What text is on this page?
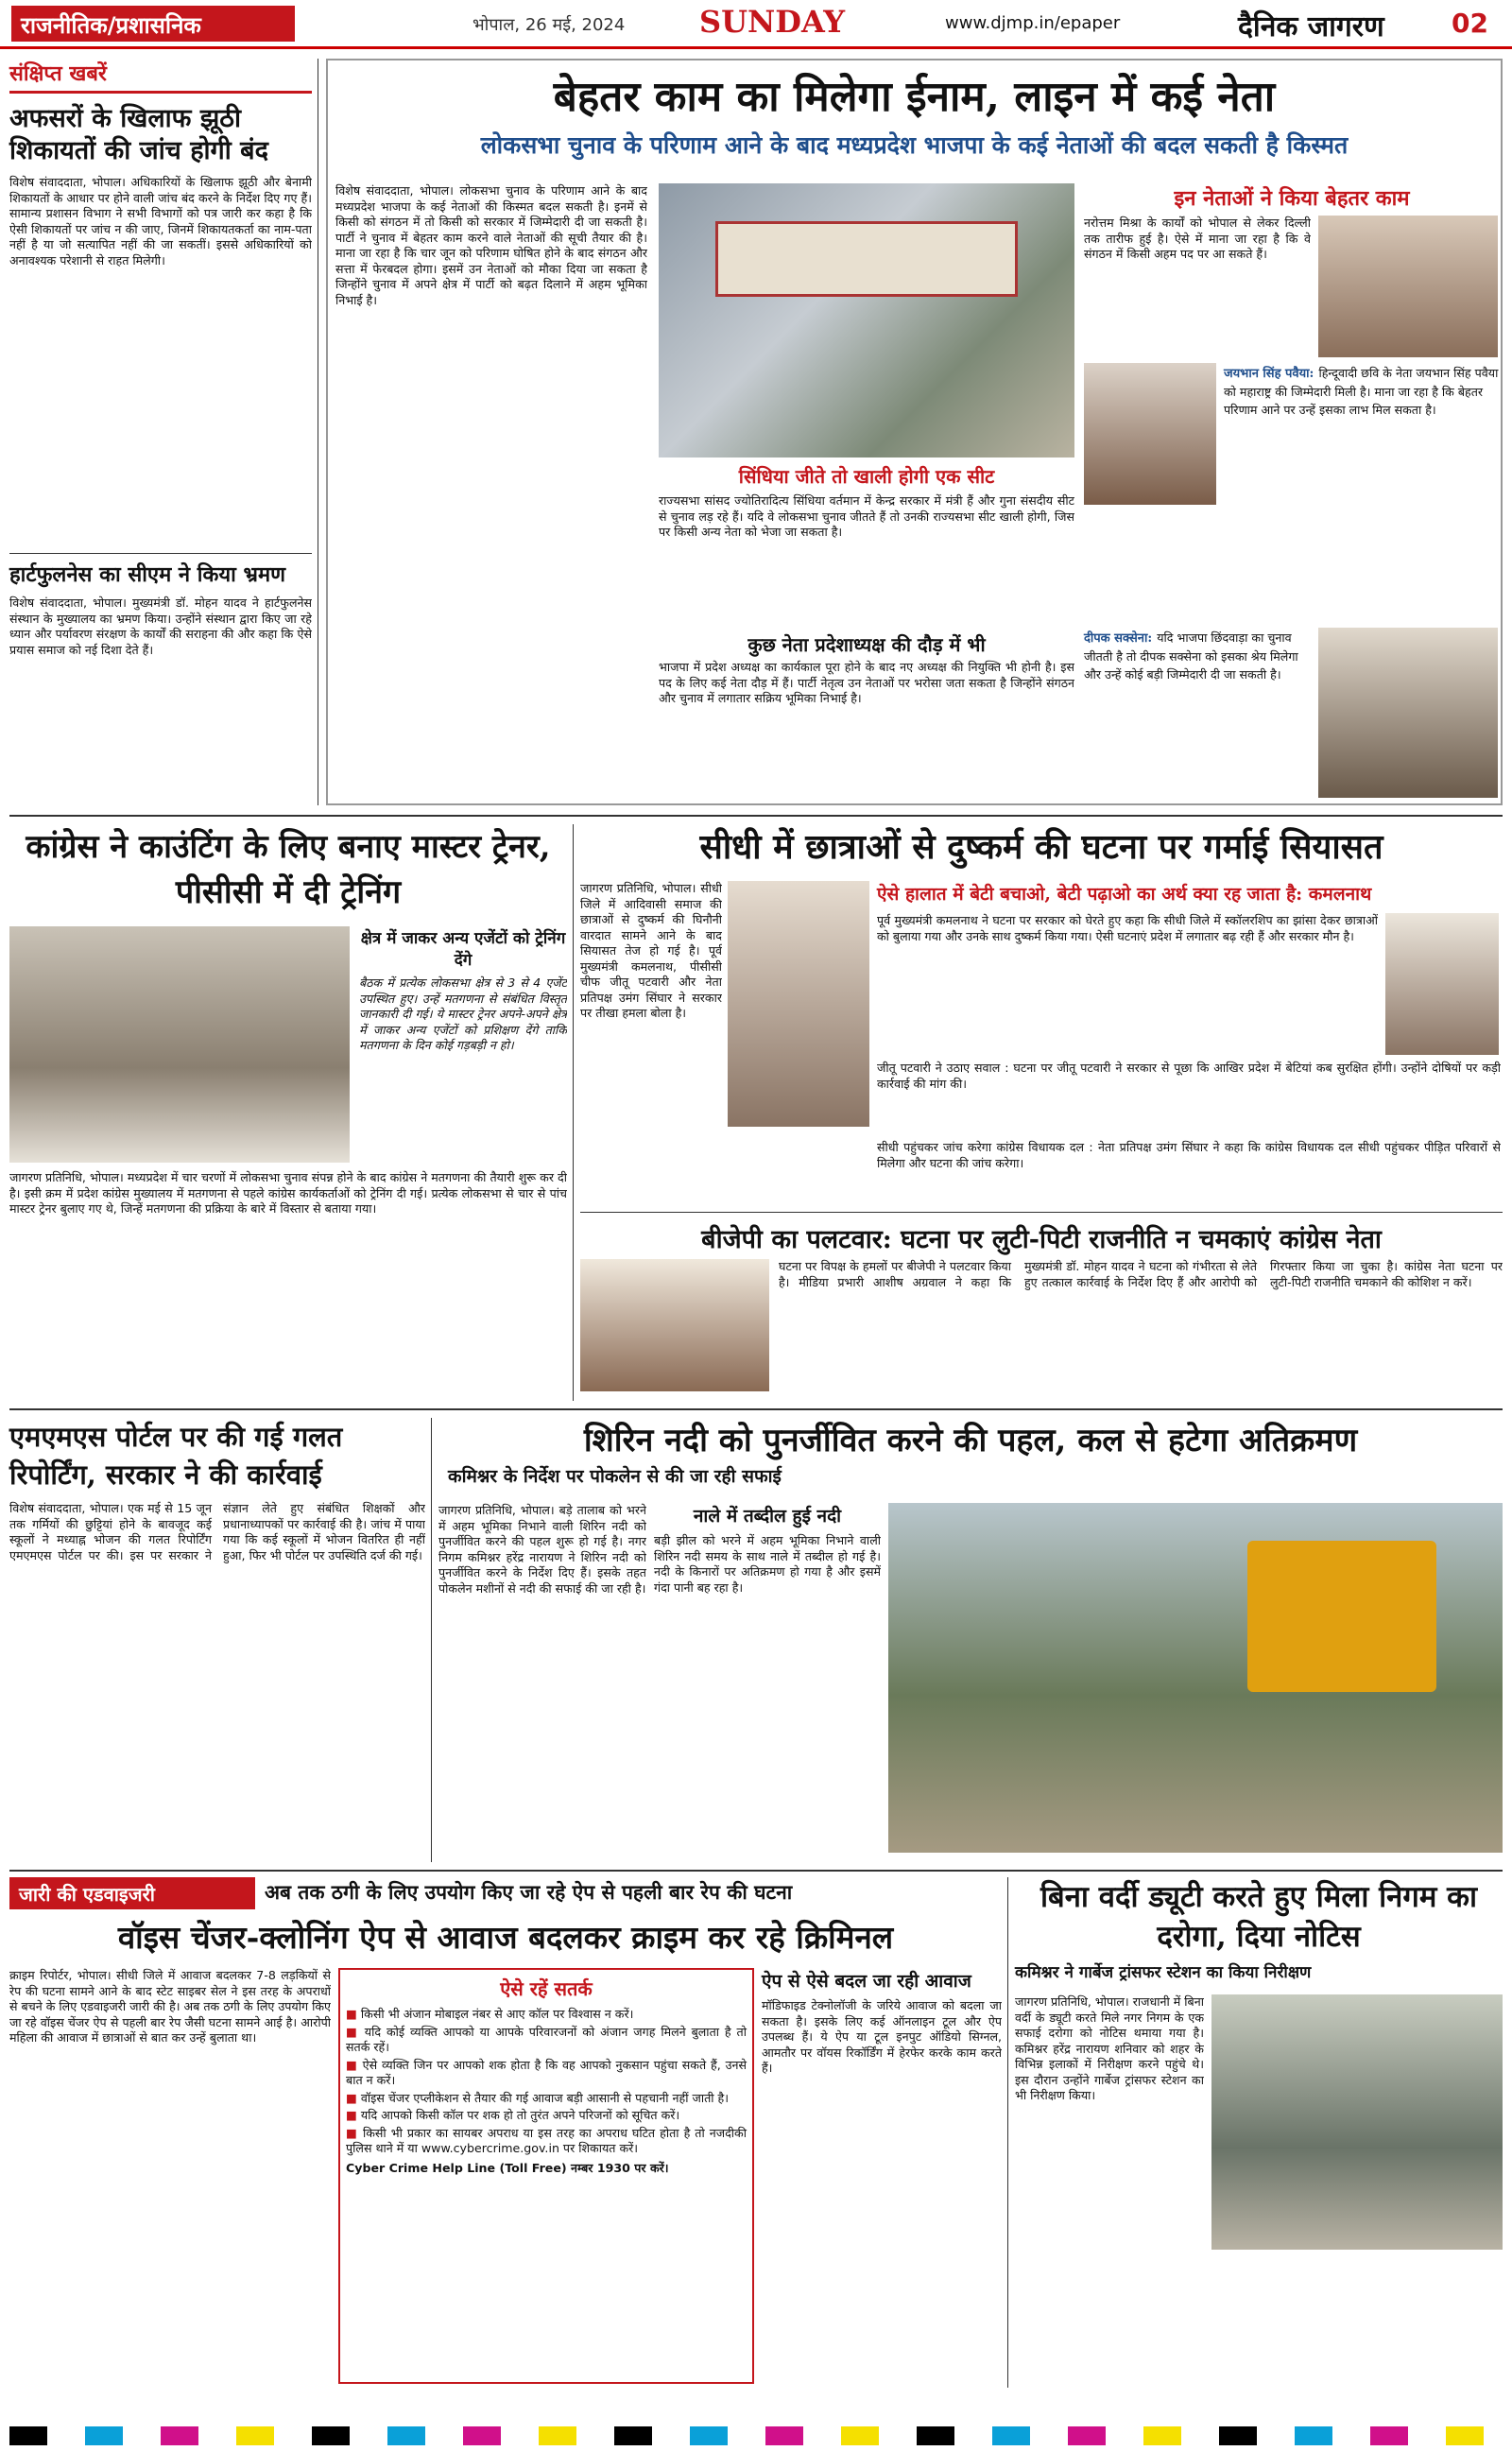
राजनीतिक/प्रशासनिक	भोपाल, 26 मई, 2024 SUNDAY	www.djmp.in/epaper	दैनिक जागरण	02
संक्षिप्त खबरें
अफसरों के खिलाफ झूठी शिकायतों की जांच होगी बंद
विशेष संवाददाता, भोपाल। अधिकारियों के खिलाफ झूठी और बेनामी शिकायतों के आधार पर होने वाली जांच बंद करने के निर्देश दिए गए हैं। सामान्य प्रशासन विभाग ने सभी विभागों को पत्र जारी कर कहा है कि ऐसी शिकायतों पर जांच न की जाए, जिनमें शिकायतकर्ता का नाम-पता नहीं है या जो सत्यापित नहीं की जा सकतीं। इससे अधिकारियों को अनावश्यक परेशानी से राहत मिलेगी।
हार्टफुलनेस का सीएम ने किया भ्रमण
विशेष संवाददाता, भोपाल। मुख्यमंत्री डॉ. मोहन यादव ने हार्टफुलनेस संस्थान के मुख्यालय का भ्रमण किया। उन्होंने संस्थान द्वारा किए जा रहे ध्यान और पर्यावरण संरक्षण के कार्यों की सराहना की और कहा कि ऐसे प्रयास समाज को नई दिशा देते हैं।
बेहतर काम का मिलेगा ईनाम, लाइन में कई नेता
लोकसभा चुनाव के परिणाम आने के बाद मध्यप्रदेश भाजपा के कई नेताओं की बदल सकती है किस्मत
विशेष संवाददाता, भोपाल। लोकसभा चुनाव के परिणाम आने के बाद मध्यप्रदेश भाजपा के कई नेताओं की किस्मत बदल सकती है। इनमें से किसी को संगठन में तो किसी को सरकार में जिम्मेदारी दी जा सकती है। पार्टी ने चुनाव में बेहतर काम करने वाले नेताओं की सूची तैयार की है। माना जा रहा है कि चार जून को परिणाम घोषित होने के बाद संगठन और सत्ता में फेरबदल होगा। इसमें उन नेताओं को मौका दिया जा सकता है जिन्होंने चुनाव में अपने क्षेत्र में पार्टी को बढ़त दिलाने में अहम भूमिका निभाई है।
सिंधिया जीते तो खाली होगी एक सीट
राज्यसभा सांसद ज्योतिरादित्य सिंधिया वर्तमान में केन्द्र सरकार में मंत्री हैं और गुना संसदीय सीट से चुनाव लड़ रहे हैं। यदि वे लोकसभा चुनाव जीतते हैं तो उनकी राज्यसभा सीट खाली होगी, जिस पर किसी अन्य नेता को भेजा जा सकता है।
कुछ नेता प्रदेशाध्यक्ष की दौड़ में भी
भाजपा में प्रदेश अध्यक्ष का कार्यकाल पूरा होने के बाद नए अध्यक्ष की नियुक्ति भी होनी है। इस पद के लिए कई नेता दौड़ में हैं। पार्टी नेतृत्व उन नेताओं पर भरोसा जता सकता है जिन्होंने संगठन और चुनाव में लगातार सक्रिय भूमिका निभाई है।
इन नेताओं ने किया बेहतर काम
नरोत्तम मिश्रा के कार्यों को भोपाल से लेकर दिल्ली तक तारीफ हुई है। ऐसे में माना जा रहा है कि वे संगठन में किसी अहम पद पर आ सकते हैं।
जयभान सिंह पवैया: हिन्दूवादी छवि के नेता जयभान सिंह पवैया को महाराष्ट्र की जिम्मेदारी मिली है। माना जा रहा है कि बेहतर परिणाम आने पर उन्हें इसका लाभ मिल सकता है।
दीपक सक्सेना: यदि भाजपा छिंदवाड़ा का चुनाव जीतती है तो दीपक सक्सेना को इसका श्रेय मिलेगा और उन्हें कोई बड़ी जिम्मेदारी दी जा सकती है।
कांग्रेस ने काउंटिंग के लिए बनाए मास्टर ट्रेनर, पीसीसी में दी ट्रेनिंग
क्षेत्र में जाकर अन्य एजेंटों को ट्रेनिंग देंगे
बैठक में प्रत्येक लोकसभा क्षेत्र से 3 से 4 एजेंट उपस्थित हुए। उन्हें मतगणना से संबंधित विस्तृत जानकारी दी गई। ये मास्टर ट्रेनर अपने-अपने क्षेत्र में जाकर अन्य एजेंटों को प्रशिक्षण देंगे ताकि मतगणना के दिन कोई गड़बड़ी न हो।
जागरण प्रतिनिधि, भोपाल। मध्यप्रदेश में चार चरणों में लोकसभा चुनाव संपन्न होने के बाद कांग्रेस ने मतगणना की तैयारी शुरू कर दी है। इसी क्रम में प्रदेश कांग्रेस मुख्यालय में मतगणना से पहले कांग्रेस कार्यकर्ताओं को ट्रेनिंग दी गई। प्रत्येक लोकसभा से चार से पांच मास्टर ट्रेनर बुलाए गए थे, जिन्हें मतगणना की प्रक्रिया के बारे में विस्तार से बताया गया।
सीधी में छात्राओं से दुष्कर्म की घटना पर गर्माई सियासत
जागरण प्रतिनिधि, भोपाल। सीधी जिले में आदिवासी समाज की छात्राओं से दुष्कर्म की घिनौनी वारदात सामने आने के बाद सियासत तेज हो गई है। पूर्व मुख्यमंत्री कमलनाथ, पीसीसी चीफ जीतू पटवारी और नेता प्रतिपक्ष उमंग सिंघार ने सरकार पर तीखा हमला बोला है।
ऐसे हालात में बेटी बचाओ, बेटी पढ़ाओ का अर्थ क्या रह जाता है: कमलनाथ
पूर्व मुख्यमंत्री कमलनाथ ने घटना पर सरकार को घेरते हुए कहा कि सीधी जिले में स्कॉलरशिप का झांसा देकर छात्राओं को बुलाया गया और उनके साथ दुष्कर्म किया गया। ऐसी घटनाएं प्रदेश में लगातार बढ़ रही हैं और सरकार मौन है।
जीतू पटवारी ने उठाए सवाल : घटना पर जीतू पटवारी ने सरकार से पूछा कि आखिर प्रदेश में बेटियां कब सुरक्षित होंगी। उन्होंने दोषियों पर कड़ी कार्रवाई की मांग की।
सीधी पहुंचकर जांच करेगा कांग्रेस विधायक दल : नेता प्रतिपक्ष उमंग सिंघार ने कहा कि कांग्रेस विधायक दल सीधी पहुंचकर पीड़ित परिवारों से मिलेगा और घटना की जांच करेगा।
बीजेपी का पलटवार: घटना पर लुटी-पिटी राजनीति न चमकाएं कांग्रेस नेता
घटना पर विपक्ष के हमलों पर बीजेपी ने पलटवार किया है। मीडिया प्रभारी आशीष अग्रवाल ने कहा कि मुख्यमंत्री डॉ. मोहन यादव ने घटना को गंभीरता से लेते हुए तत्काल कार्रवाई के निर्देश दिए हैं और आरोपी को गिरफ्तार किया जा चुका है। कांग्रेस नेता घटना पर लुटी-पिटी राजनीति चमकाने की कोशिश न करें।
एमएमएस पोर्टल पर की गई गलत रिपोर्टिंग, सरकार ने की कार्रवाई
विशेष संवाददाता, भोपाल। एक मई से 15 जून तक गर्मियों की छुट्टियां होने के बावजूद कई स्कूलों ने मध्याह्न भोजन की गलत रिपोर्टिंग एमएमएस पोर्टल पर की। इस पर सरकार ने संज्ञान लेते हुए संबंधित शिक्षकों और प्रधानाध्यापकों पर कार्रवाई की है। जांच में पाया गया कि कई स्कूलों में भोजन वितरित ही नहीं हुआ, फिर भी पोर्टल पर उपस्थिति दर्ज की गई।
शिरिन नदी को पुनर्जीवित करने की पहल, कल से हटेगा अतिक्रमण
कमिश्नर के निर्देश पर पोकलेन से की जा रही सफाई
जागरण प्रतिनिधि, भोपाल। बड़े तालाब को भरने में अहम भूमिका निभाने वाली शिरिन नदी को पुनर्जीवित करने की पहल शुरू हो गई है। नगर निगम कमिश्नर हरेंद्र नारायण ने शिरिन नदी को पुनर्जीवित करने के निर्देश दिए हैं। इसके तहत पोकलेन मशीनों से नदी की सफाई की जा रही है।
नाले में तब्दील हुई नदी
बड़ी झील को भरने में अहम भूमिका निभाने वाली शिरिन नदी समय के साथ नाले में तब्दील हो गई है। नदी के किनारों पर अतिक्रमण हो गया है और इसमें गंदा पानी बह रहा है।
जारी की एडवाइजरी	अब तक ठगी के लिए उपयोग किए जा रहे ऐप से पहली बार रेप की घटना
वॉइस चेंजर-क्लोनिंग ऐप से आवाज बदलकर क्राइम कर रहे क्रिमिनल
क्राइम रिपोर्टर, भोपाल। सीधी जिले में आवाज बदलकर 7-8 लड़कियों से रेप की घटना सामने आने के बाद स्टेट साइबर सेल ने इस तरह के अपराधों से बचने के लिए एडवाइजरी जारी की है। अब तक ठगी के लिए उपयोग किए जा रहे वॉइस चेंजर ऐप से पहली बार रेप जैसी घटना सामने आई है। आरोपी महिला की आवाज में छात्राओं से बात कर उन्हें बुलाता था।
ऐसे रहें सतर्क
■ किसी भी अंजान मोबाइल नंबर से आए कॉल पर विश्वास न करें।
■ यदि कोई व्यक्ति आपको या आपके परिवारजनों को अंजान जगह मिलने बुलाता है तो सतर्क रहें।
■ ऐसे व्यक्ति जिन पर आपको शक होता है कि वह आपको नुकसान पहुंचा सकते हैं, उनसे बात न करें।
■ वॉइस चेंजर एप्लीकेशन से तैयार की गई आवाज बड़ी आसानी से पहचानी नहीं जाती है।
■ यदि आपको किसी कॉल पर शक हो तो तुरंत अपने परिजनों को सूचित करें।
■ किसी भी प्रकार का सायबर अपराध या इस तरह का अपराध घटित होता है तो नजदीकी पुलिस थाने में या www.cybercrime.gov.in पर शिकायत करें।
Cyber Crime Help Line (Toll Free) नम्बर 1930 पर करें।
ऐप से ऐसे बदल जा रही आवाज
मॉडिफाइड टेक्नोलॉजी के जरिये आवाज को बदला जा सकता है। इसके लिए कई ऑनलाइन टूल और ऐप उपलब्ध हैं। ये ऐप या टूल इनपुट ऑडियो सिग्नल, आमतौर पर वॉयस रिकॉर्डिंग में हेरफेर करके काम करते हैं।
बिना वर्दी ड्यूटी करते हुए मिला निगम का दरोगा, दिया नोटिस
कमिश्नर ने गार्बेज ट्रांसफर स्टेशन का किया निरीक्षण
जागरण प्रतिनिधि, भोपाल। राजधानी में बिना वर्दी के ड्यूटी करते मिले नगर निगम के एक सफाई दरोगा को नोटिस थमाया गया है। कमिश्नर हरेंद्र नारायण शनिवार को शहर के विभिन्न इलाकों में निरीक्षण करने पहुंचे थे। इस दौरान उन्होंने गार्बेज ट्रांसफर स्टेशन का भी निरीक्षण किया।
